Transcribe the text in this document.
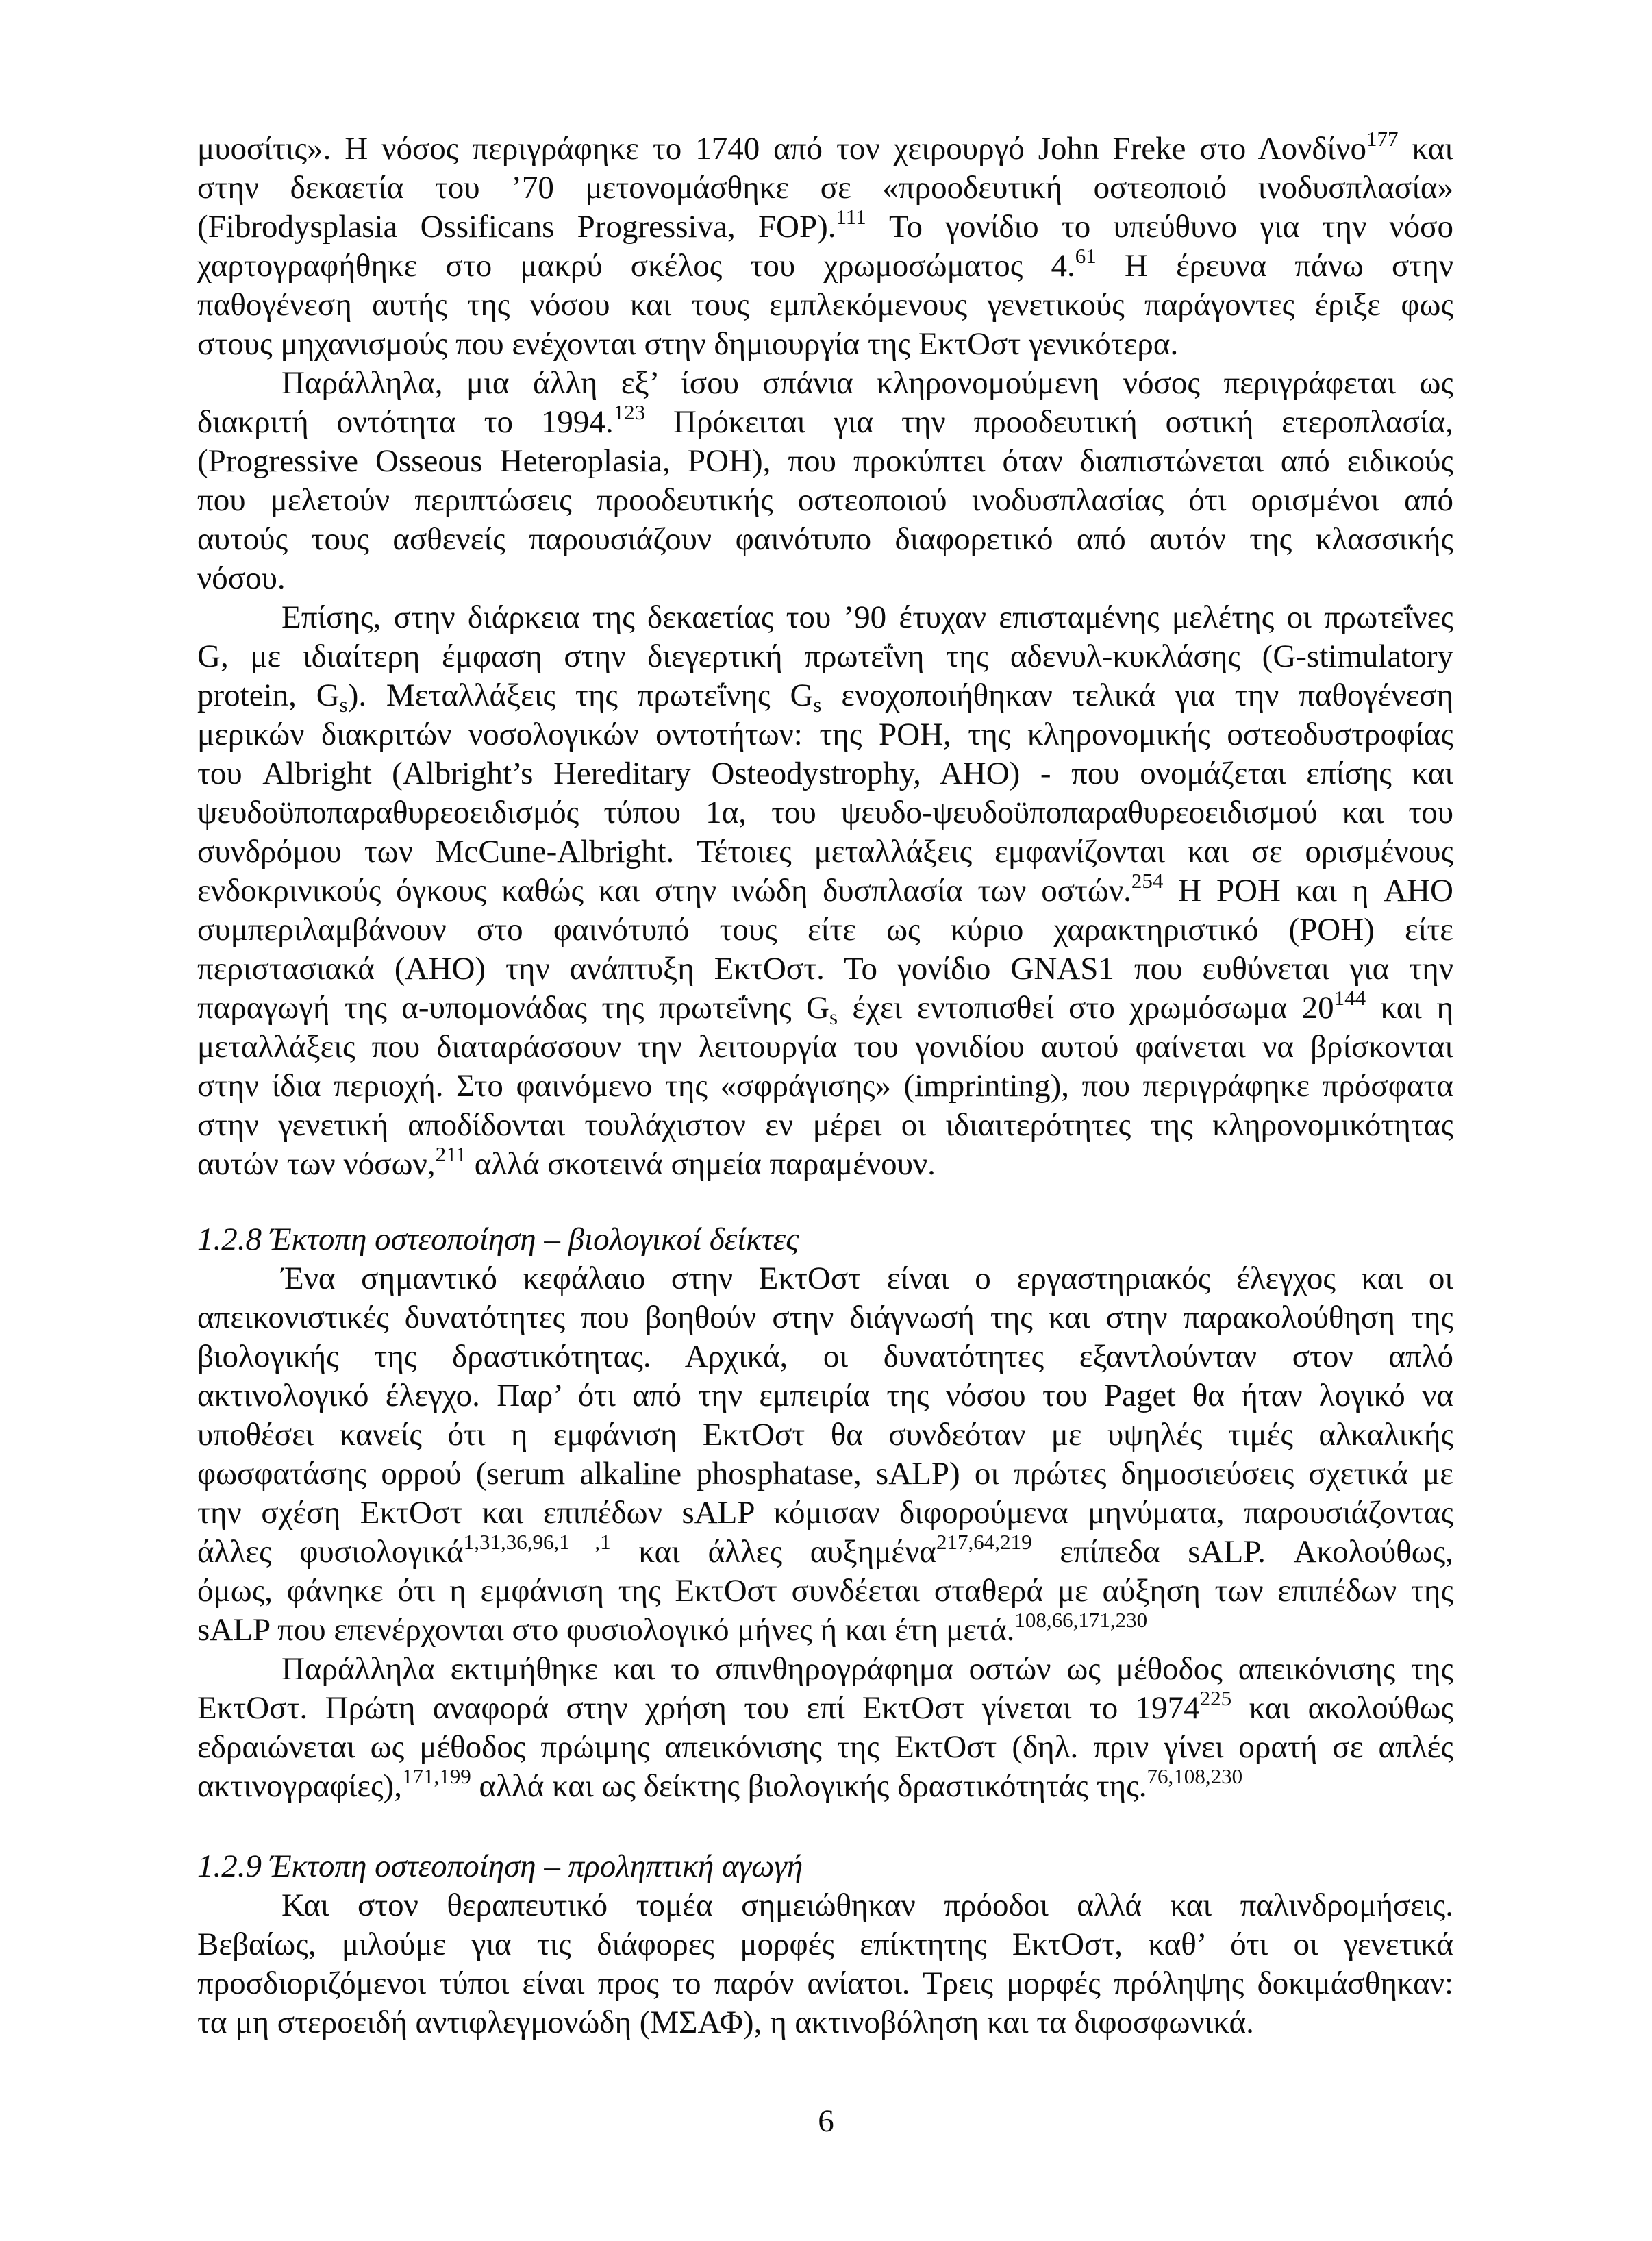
μυοσίτις». Η νόσος περιγράφηκε το 1740 από τον χειρουργό John Freke στο Λονδίνο$^{177}$ και
στην δεκαετία του ’70 μετονομάσθηκε σε «προοδευτική οστεοποιό ινοδυσπλασία»
(Fibrodysplasia Ossificans Progressiva, FOP).$^{111}$ Το γονίδιο το υπεύθυνο για την νόσο
χαρτογραφήθηκε στο μακρύ σκέλος του χρωμοσώματος 4.61 Η έρευνα πάνω στην
παθογένεση αυτής της νόσου και τους εμπλεκόμενους γενετικούς παράγοντες έριξε φως
στους μηχανισμούς που ενέχονται στην δημιουργία της ΕκτΟστ γενικότερα.
Παράλληλα, μια άλλη εξ’ ίσου σπάνια κληρονομούμενη νόσος περιγράφεται ως
διακριτή οντότητα το 1994.$^{123}$ Πρόκειται για την προοδευτική οστική ετεροπλασία,
(Progressive Osseous Heteroplasia, POH), που προκύπτει όταν διαπιστώνεται από ειδικούς
που μελετούν περιπτώσεις προοδευτικής οστεοποιού ινοδυσπλασίας ότι ορισμένοι από
αυτούς τους ασθενείς παρουσιάζουν φαινότυπο διαφορετικό από αυτόν της κλασσικής
νόσου.
Επίσης, στην διάρκεια της δεκαετίας του ’90 έτυχαν επισταμένης μελέτης οι πρωτεΐνες
G, με ιδιαίτερη έμφαση στην διεγερτική πρωτεΐνη της αδενυλ-κυκλάσης (G-stimulatory
protein, $G_s$). Μεταλλάξεις της πρωτεΐνης $G_s$ ενοχοποιήθηκαν τελικά για την παθογένεση
μερικών διακριτών νοσολογικών οντοτήτων: της POH, της κληρονομικής οστεοδυστροφίας
του Albright (Albright’s Hereditary Osteodystrophy, AHO) - που ονομάζεται επίσης και
ψευδοϋποπαραθυρεοειδισμός τύπου 1α, του ψευδο-ψευδοϋποπαραθυρεοειδισμού και του
συνδρόμου των McCune-Albright. Τέτοιες μεταλλάξεις εμφανίζονται και σε ορισμένους
ενδοκρινικούς όγκους καθώς και στην ινώδη δυσπλασία των οστών.$^{254}$ Η POH και η AHO
συμπεριλαμβάνουν στο φαινότυπό τους είτε ως κύριο χαρακτηριστικό (POH) είτε
περιστασιακά (AHO) την ανάπτυξη ΕκτΟστ. Το γονίδιο GNAS1 που ευθύνεται για την
παραγωγή της α-υπομονάδας της πρωτεΐνης $G_s$ έχει εντοπισθεί στο χρωμόσωμα $20^{144}$ και η
μεταλλάξεις που διαταράσσουν την λειτουργία του γονιδίου αυτού φαίνεται να βρίσκονται
στην ίδια περιοχή. Στο φαινόμενο της «σφράγισης» (imprinting), που περιγράφηκε πρόσφατα
στην γενετική αποδίδονται τουλάχιστον εν μέρει οι ιδιαιτερότητες της κληρονομικότητας
αυτών των νόσων,$^{211}$ αλλά σκοτεινά σημεία παραμένουν.
1.2.8 Έκτοπη οστεοποίηση – βιολογικοί δείκτες
Ένα σημαντικό κεφάλαιο στην ΕκτΟστ είναι ο εργαστηριακός έλεγχος και οι
απεικονιστικές δυνατότητες που βοηθούν στην διάγνωσή της και στην παρακολούθηση της
βιολογικής της δραστικότητας. Αρχικά, οι δυνατότητες εξαντλούνταν στον απλό
ακτινολογικό έλεγχο. Παρ’ ότι από την εμπειρία της νόσου του Paget θα ήταν λογικό να
υποθέσει κανείς ότι η εμφάνιση ΕκτΟστ θα συνδεόταν με υψηλές τιμές αλκαλικής
φωσφατάσης ορρού (serum alkaline phosphatase, sALP) οι πρώτες δημοσιεύσεις σχετικά με
την σχέση ΕκτΟστ και επιπέδων sALP κόμισαν διφορούμενα μηνύματα, παρουσιάζοντας
άλλες φυσιολογικά$^{1,31,36,96,1 ,1}$ και άλλες αυξημένα$^{217,64,219}$ επίπεδα sALP. Ακολούθως,
όμως, φάνηκε ότι η εμφάνιση της ΕκτΟστ συνδέεται σταθερά με αύξηση των επιπέδων της
sALP που επενέρχονται στο φυσιολογικό μήνες ή και έτη μετά.$^{108,66,171,230}$
Παράλληλα εκτιμήθηκε και το σπινθηρογράφημα οστών ως μέθοδος απεικόνισης της
ΕκτΟστ. Πρώτη αναφορά στην χρήση του επί ΕκτΟστ γίνεται το 1974$^{225}$ και ακολούθως
εδραιώνεται ως μέθοδος πρώιμης απεικόνισης της ΕκτΟστ (δηλ. πριν γίνει ορατή σε απλές
ακτινογραφίες),$^{171,199}$ αλλά και ως δείκτης βιολογικής δραστικότητάς της.$^{76,108,230}$
1.2.9 Έκτοπη οστεοποίηση – προληπτική αγωγή
Και στον θεραπευτικό τομέα σημειώθηκαν πρόοδοι αλλά και παλινδρομήσεις.
Βεβαίως, μιλούμε για τις διάφορες μορφές επίκτητης ΕκτΟστ, καθ’ ότι οι γενετικά
προσδιοριζόμενοι τύποι είναι προς το παρόν ανίατοι. Τρεις μορφές πρόληψης δοκιμάσθηκαν:
τα μη στεροειδή αντιφλεγμονώδη (ΜΣΑΦ), η ακτινοβόληση και τα διφοσφωνικά.
6
